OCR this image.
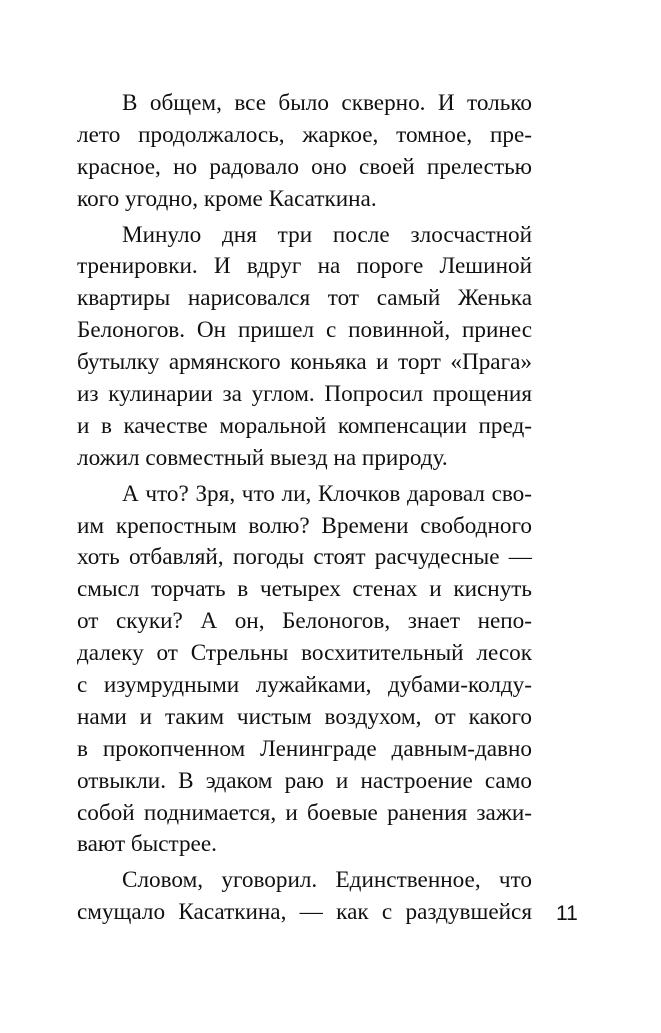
В общем, все было скверно. И только
лето продолжалось, жаркое, томное, пре-
красное, но радовало оно своей прелестью
кого угодно, кроме Касаткина.
Минуло дня три после злосчастной
тренировки. И вдруг на пороге Лешиной
квартиры нарисовался тот самый Женька
Белоногов. Он пришел с повинной, принес
бутылку армянского коньяка и торт «Прага»
из кулинарии за углом. Попросил прощения
и в качестве моральной компенсации пред-
ложил совместный выезд на природу.
А что? Зря, что ли, Клочков даровал сво-
им крепостным волю? Времени свободного
хоть отбавляй, погоды стоят расчудесные —
смысл торчать в четырех стенах и киснуть
от скуки? А он, Белоногов, знает непо-
далеку от Стрельны восхитительный лесок
с изумрудными лужайками, дубами-колду-
нами и таким чистым воздухом, от какого
в прокопченном Ленинграде давным-давно
отвыкли. В эдаком раю и настроение само
собой поднимается, и боевые ранения зажи-
вают быстрее.
Словом, уговорил. Единственное, что
смущало Касаткина, — как с раздувшейся 11
